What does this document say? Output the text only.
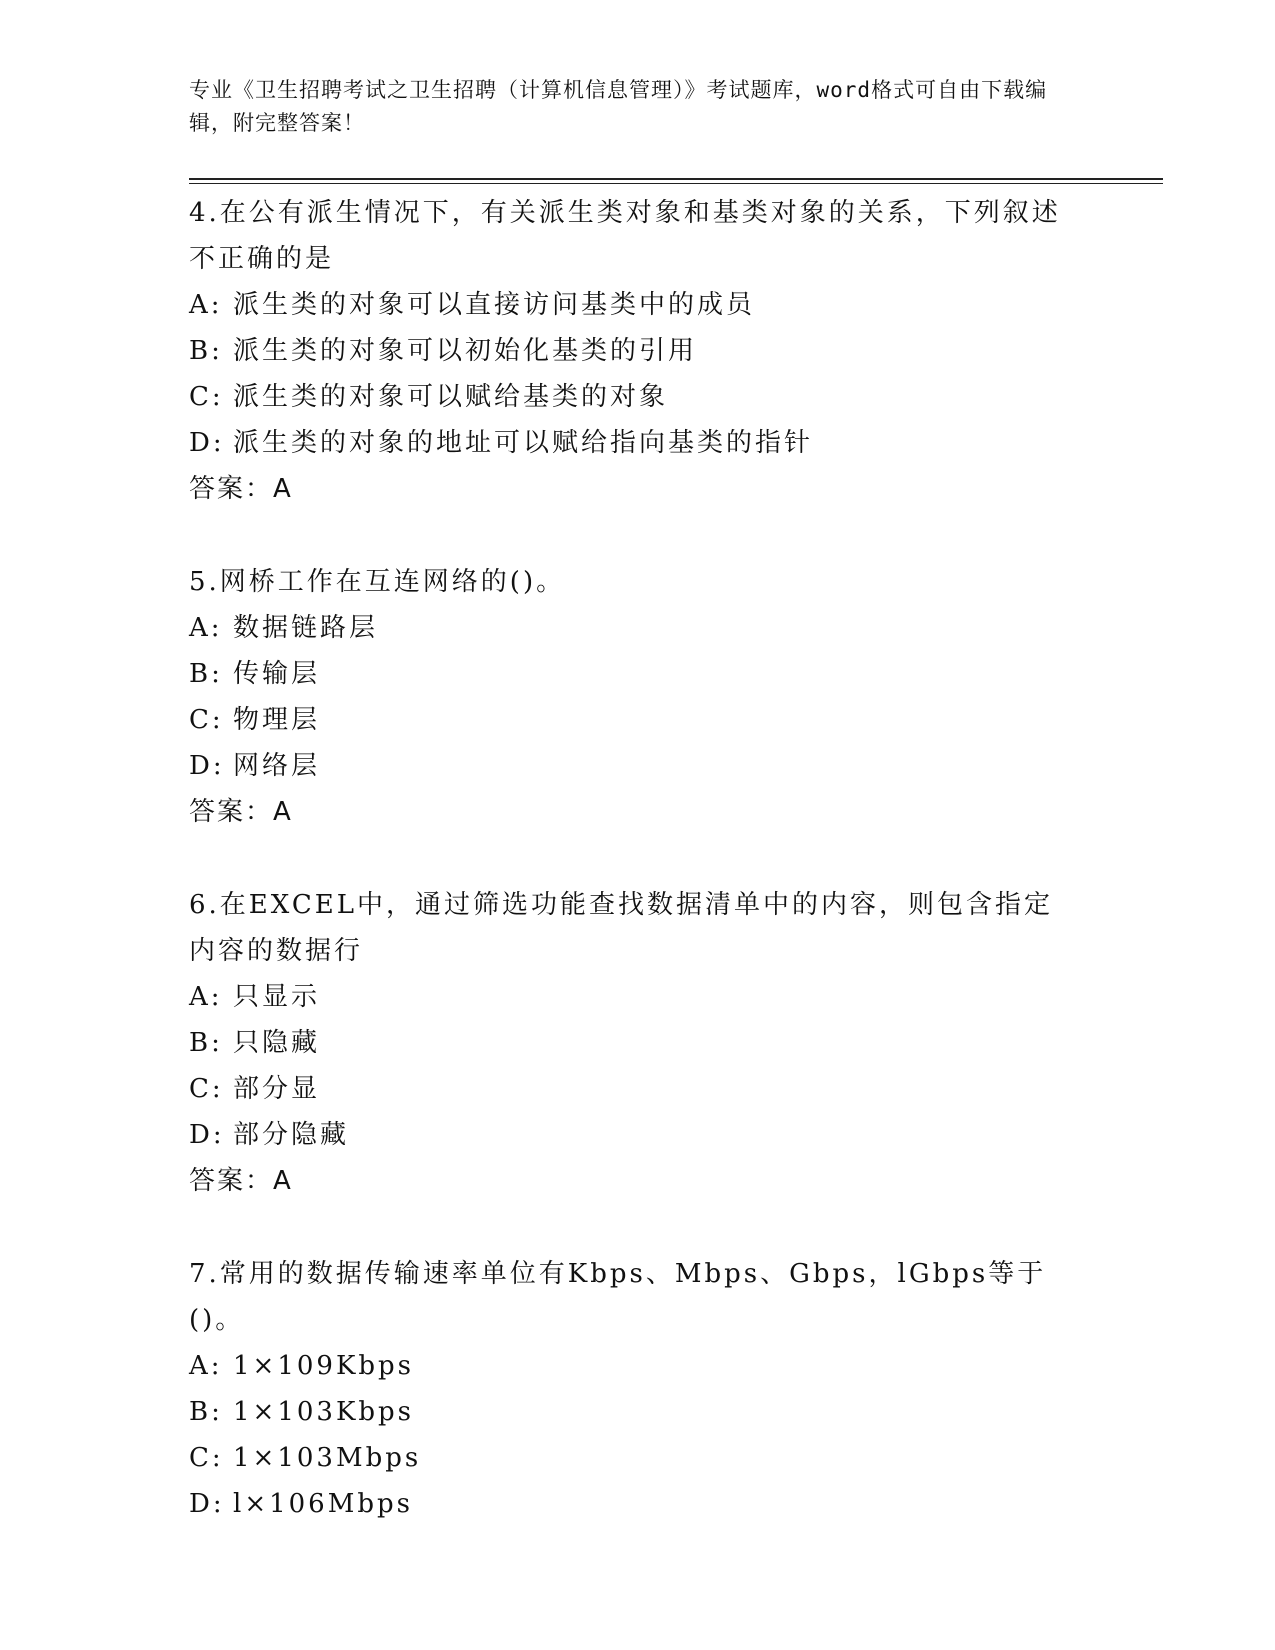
专业《卫生招聘考试之卫生招聘（计算机信息管理）》考试题库，word格式可自由下载编辑，附完整答案！
4.在公有派生情况下，有关派生类对象和基类对象的关系，下列叙述不正确的是
A: 派生类的对象可以直接访问基类中的成员
B: 派生类的对象可以初始化基类的引用
C: 派生类的对象可以赋给基类的对象
D: 派生类的对象的地址可以赋给指向基类的指针
答案：A
5.网桥工作在互连网络的()。
A: 数据链路层
B: 传输层
C: 物理层
D: 网络层
答案：A
6.在EXCEL中，通过筛选功能查找数据清单中的内容，则包含指定内容的数据行
A: 只显示
B: 只隐藏
C: 部分显
D: 部分隐藏
答案：A
7.常用的数据传输速率单位有Kbps、Mbps、Gbps，lGbps等于()。
A: 1×109Kbps
B: 1×103Kbps
C: 1×103Mbps
D: l×106Mbps
